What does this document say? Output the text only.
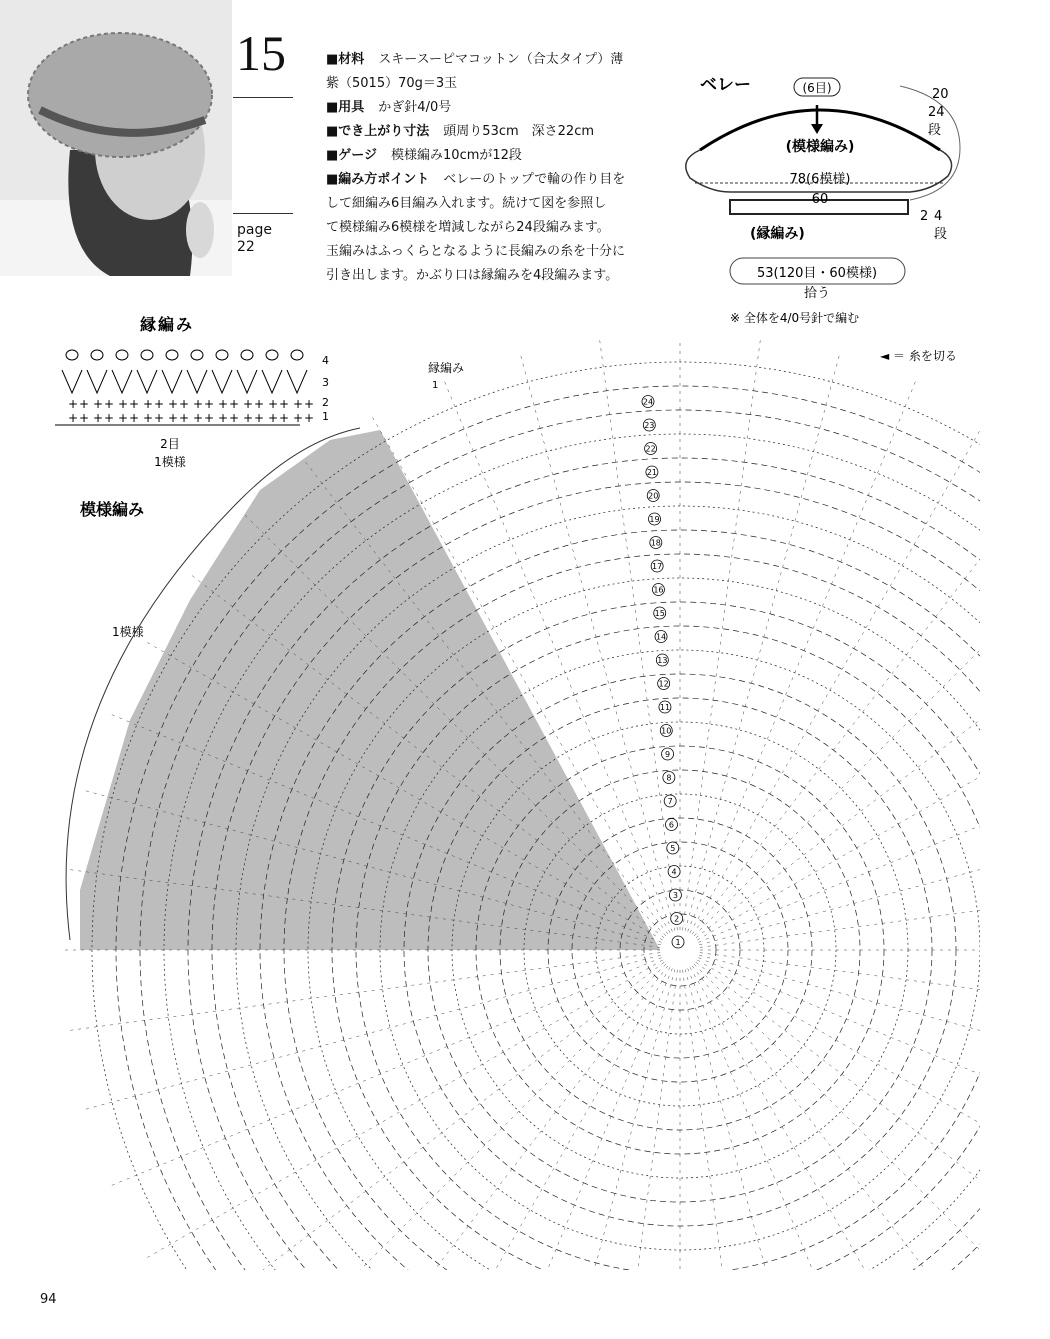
15
page
22
■材料 スキースーピマコットン（合太タイプ）薄
紫（5015）70g＝3玉
■用具 かぎ針4/0号
■でき上がり寸法 頭周り53cm　深さ22cm
■ゲージ 模様編み10cmが12段
■編み方ポイント ベレーのトップで輪の作り目を
して細編み6目編み入れます。続けて図を参照し
て模様編み6模様を増減しながら24段編みます。
玉編みはふっくらとなるように長編みの糸を十分に
引き出します。かぶり口は縁編みを4段編みます。
ベレー	(6目)
(模様編み)
78(6模様)
60
(縁編み)
20
24
段
2 4
段
53(120目・60模様)
拾う
※ 全体を4/0号針で編む
1
2
3
4
5
6
7
8
9
10
11
12
13
14
15
16
17
18
19
20
21
22
23
24
縁編み
+ +
+ +
+ +
+ +
+ +
+ +
+ +
+ +
+ +
+ +
+ +
+ +
+ +
+ +
+ +
+ +
+ +
+ +
+ +
+ +
2目
1模様
4
3
2
1
模様編み
縁編み
1
1模様
◄ ＝ 糸を切る
94
